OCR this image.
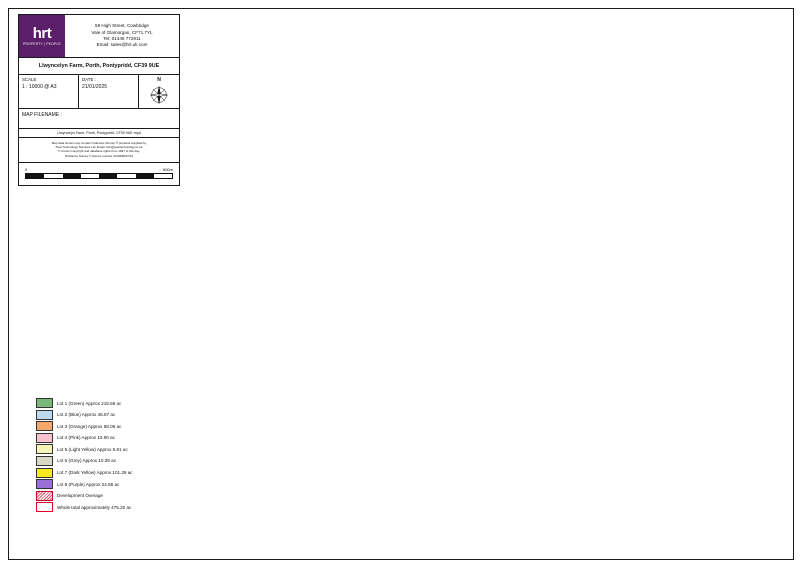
hrt
PROPERTY | PEOPLE
59 High Street, Cowbridge
Vale of Glamorgan, CF71 7YL
Tel: 01446 772911
Email: sales@hrt.uk.com
Llwyncelyn Farm, Porth, Pontypridd, CF39 9UE
SCALE
1 : 10000 @ A3
DATE :
21/01/2025
N
MAP FILENAME :
Llwyncelyn Farm, Porth, Pontypridd, CF39 9UE.mpd
Map data shown may contain Ordnance Survey ® products supplied by
Pear Technology Services Ltd. Email: info@peartechnology.co.uk
© Crown Copyright and database rights from 1997 to this day.
Ordnance Survey ® licence number AU0008227/01
0	800m
Lot 1 (Green) Approx 218.59 ac
Lot 2 (Blue) Approx 45.87 ac
Lot 3 (Orange) Approx 58.08 ac
Lot 4 (Pink) Approx 10.90 ac
Lot 5 (Light Yellow) Approx 5.61 ac
Lot 6 (Grey) Approx 10.39 ac
Lot 7 (Dark Yellow) Approx 101.29 ac
Lot 8 (Purple) Approx 24.56 ac
Development Overage
Whole total approximately 475.20 ac
